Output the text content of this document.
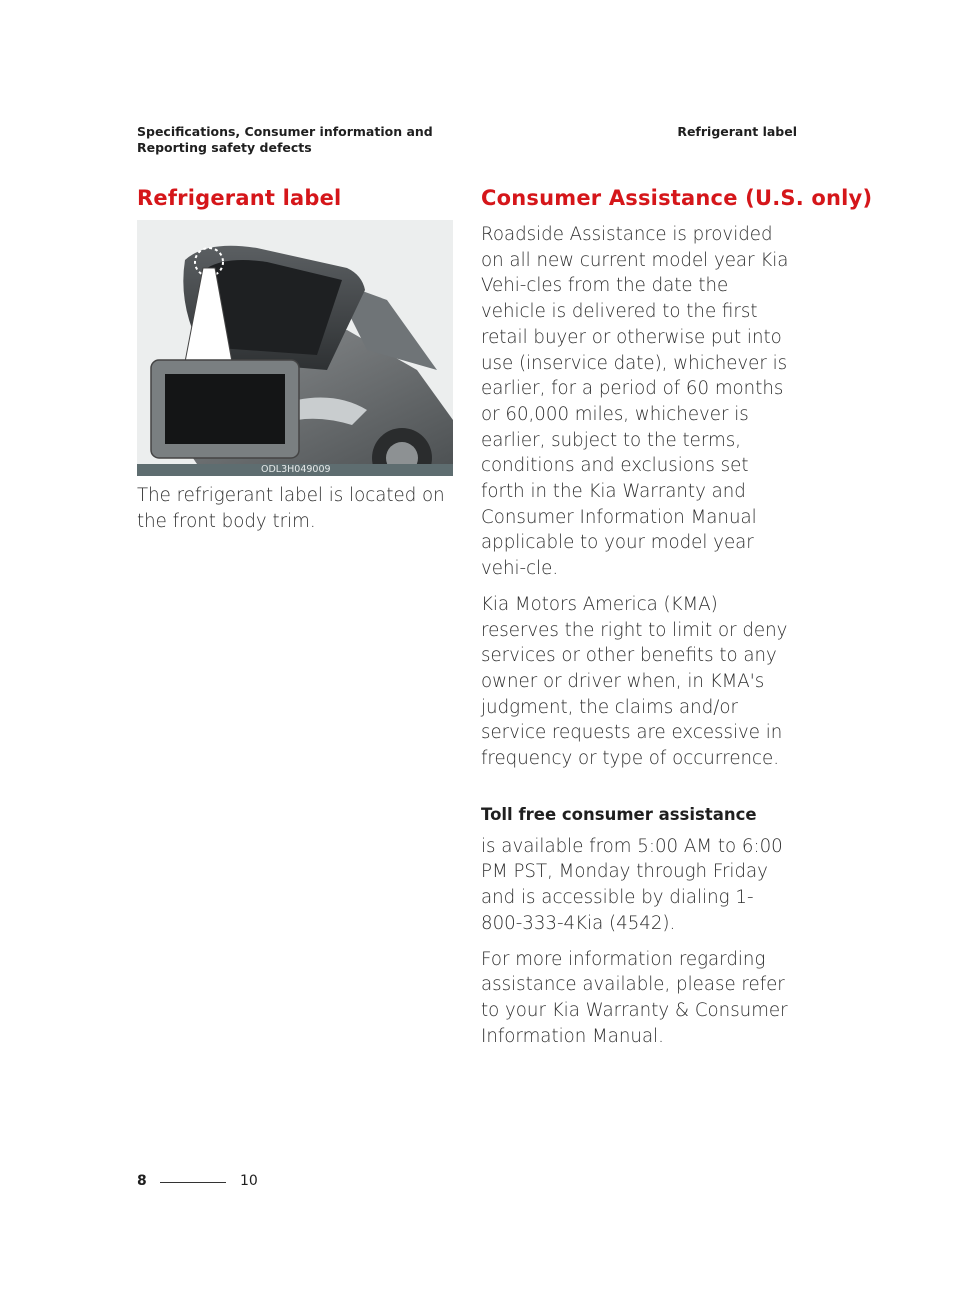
Specifications, Consumer information and
Reporting safety defects
Refrigerant label
Refrigerant label
ODL3H049009
The refrigerant label is located on the front body trim.
Consumer Assistance (U.S. only)

Roadside Assistance is provided on all new current model year Kia Vehi-cles from the date the vehicle is delivered to the first retail buyer or otherwise put into use (inservice date), whichever is earlier, for a period of 60 months or 60,000 miles, whichever is earlier, subject to the terms, conditions and exclusions set forth in the Kia Warranty and Consumer Information Manual applicable to your model year vehi-cle.

Kia Motors America (KMA) reserves the right to limit or deny services or other benefits to any owner or driver when, in KMA's judgment, the claims and/or service requests are excessive in frequency or type of occurrence.

Toll free consumer assistance

is available from 5:00 AM to 6:00 PM PST, Monday through Friday and is accessible by dialing 1-800-333-4Kia (4542).

For more information regarding assistance available, please refer to your Kia Warranty & Consumer Information Manual.

8	10
